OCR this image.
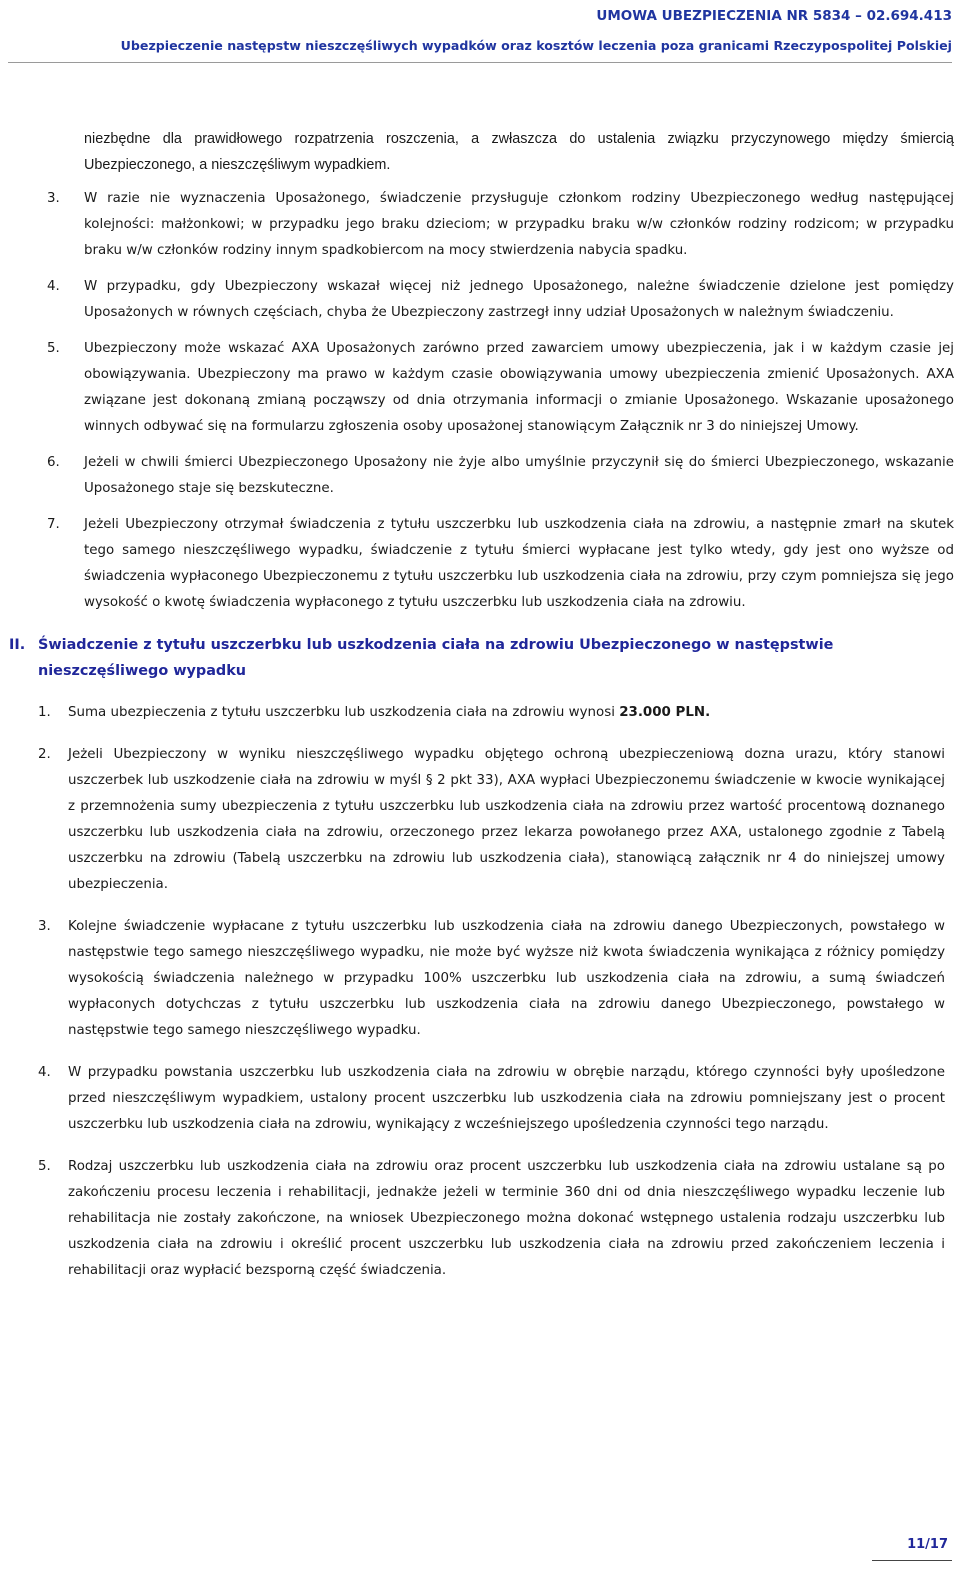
UMOWA UBEZPIECZENIA NR 5834 – 02.694.413
Ubezpieczenie następstw nieszczęśliwych wypadków oraz kosztów leczenia poza granicami Rzeczypospolitej Polskiej

niezbędne dla prawidłowego rozpatrzenia roszczenia, a zwłaszcza do ustalenia związku przyczynowego między śmiercią Ubezpieczonego, a nieszczęśliwym wypadkiem.

3. W razie nie wyznaczenia Uposażonego, świadczenie przysługuje członkom rodziny Ubezpieczonego według następującej kolejności: małżonkowi; w przypadku jego braku dzieciom; w przypadku braku w/w członków rodziny rodzicom; w przypadku braku w/w członków rodziny innym spadkobiercom na mocy stwierdzenia nabycia spadku.
4. W przypadku, gdy Ubezpieczony wskazał więcej niż jednego Uposażonego, należne świadczenie dzielone jest pomiędzy Uposażonych w równych częściach, chyba że Ubezpieczony zastrzegł inny udział Uposażonych w należnym świadczeniu.
5. Ubezpieczony może wskazać AXA Uposażonych zarówno przed zawarciem umowy ubezpieczenia, jak i w każdym czasie jej obowiązywania. Ubezpieczony ma prawo w każdym czasie obowiązywania umowy ubezpieczenia zmienić Uposażonych. AXA związane jest dokonaną zmianą począwszy od dnia otrzymania informacji o zmianie Uposażonego. Wskazanie uposażonego winnych odbywać się na formularzu zgłoszenia osoby uposażonej stanowiącym Załącznik nr 3 do niniejszej Umowy.
6. Jeżeli w chwili śmierci Ubezpieczonego Uposażony nie żyje albo umyślnie przyczynił się do śmierci Ubezpieczonego, wskazanie Uposażonego staje się bezskuteczne.
7. Jeżeli Ubezpieczony otrzymał świadczenia z tytułu uszczerbku lub uszkodzenia ciała na zdrowiu, a następnie zmarł na skutek tego samego nieszczęśliwego wypadku, świadczenie z tytułu śmierci wypłacane jest tylko wtedy, gdy jest ono wyższe od świadczenia wypłaconego Ubezpieczonemu z tytułu uszczerbku lub uszkodzenia ciała na zdrowiu, przy czym pomniejsza się jego wysokość o kwotę świadczenia wypłaconego z tytułu uszczerbku lub uszkodzenia ciała na zdrowiu.
II. Świadczenie z tytułu uszczerbku lub uszkodzenia ciała na zdrowiu Ubezpieczonego w następstwie nieszczęśliwego wypadku
1. Suma ubezpieczenia z tytułu uszczerbku lub uszkodzenia ciała na zdrowiu wynosi 23.000 PLN.
2. Jeżeli Ubezpieczony w wyniku nieszczęśliwego wypadku objętego ochroną ubezpieczeniową dozna urazu, który stanowi uszczerbek lub uszkodzenie ciała na zdrowiu w myśl § 2 pkt 33), AXA wypłaci Ubezpieczonemu świadczenie w kwocie wynikającej z przemnożenia sumy ubezpieczenia z tytułu uszczerbku lub uszkodzenia ciała na zdrowiu przez wartość procentową doznanego uszczerbku lub uszkodzenia ciała na zdrowiu, orzeczonego przez lekarza powołanego przez AXA, ustalonego zgodnie z Tabelą uszczerbku na zdrowiu (Tabelą uszczerbku na zdrowiu lub uszkodzenia ciała), stanowiącą załącznik nr 4 do niniejszej umowy ubezpieczenia.
3. Kolejne świadczenie wypłacane z tytułu uszczerbku lub uszkodzenia ciała na zdrowiu danego Ubezpieczonych, powstałego w następstwie tego samego nieszczęśliwego wypadku, nie może być wyższe niż kwota świadczenia wynikająca z różnicy pomiędzy wysokością świadczenia należnego w przypadku 100% uszczerbku lub uszkodzenia ciała na zdrowiu, a sumą świadczeń wypłaconych dotychczas z tytułu uszczerbku lub uszkodzenia ciała na zdrowiu danego Ubezpieczonego, powstałego w następstwie tego samego nieszczęśliwego wypadku.
4. W przypadku powstania uszczerbku lub uszkodzenia ciała na zdrowiu w obrębie narządu, którego czynności były upośledzone przed nieszczęśliwym wypadkiem, ustalony procent uszczerbku lub uszkodzenia ciała na zdrowiu pomniejszany jest o procent uszczerbku lub uszkodzenia ciała na zdrowiu, wynikający z wcześniejszego upośledzenia czynności tego narządu.
5. Rodzaj uszczerbku lub uszkodzenia ciała na zdrowiu oraz procent uszczerbku lub uszkodzenia ciała na zdrowiu ustalane są po zakończeniu procesu leczenia i rehabilitacji, jednakże jeżeli w terminie 360 dni od dnia nieszczęśliwego wypadku leczenie lub rehabilitacja nie zostały zakończone, na wniosek Ubezpieczonego można dokonać wstępnego ustalenia rodzaju uszczerbku lub uszkodzenia ciała na zdrowiu i określić procent uszczerbku lub uszkodzenia ciała na zdrowiu przed zakończeniem leczenia i rehabilitacji oraz wypłacić bezsporną część świadczenia.
11/17
